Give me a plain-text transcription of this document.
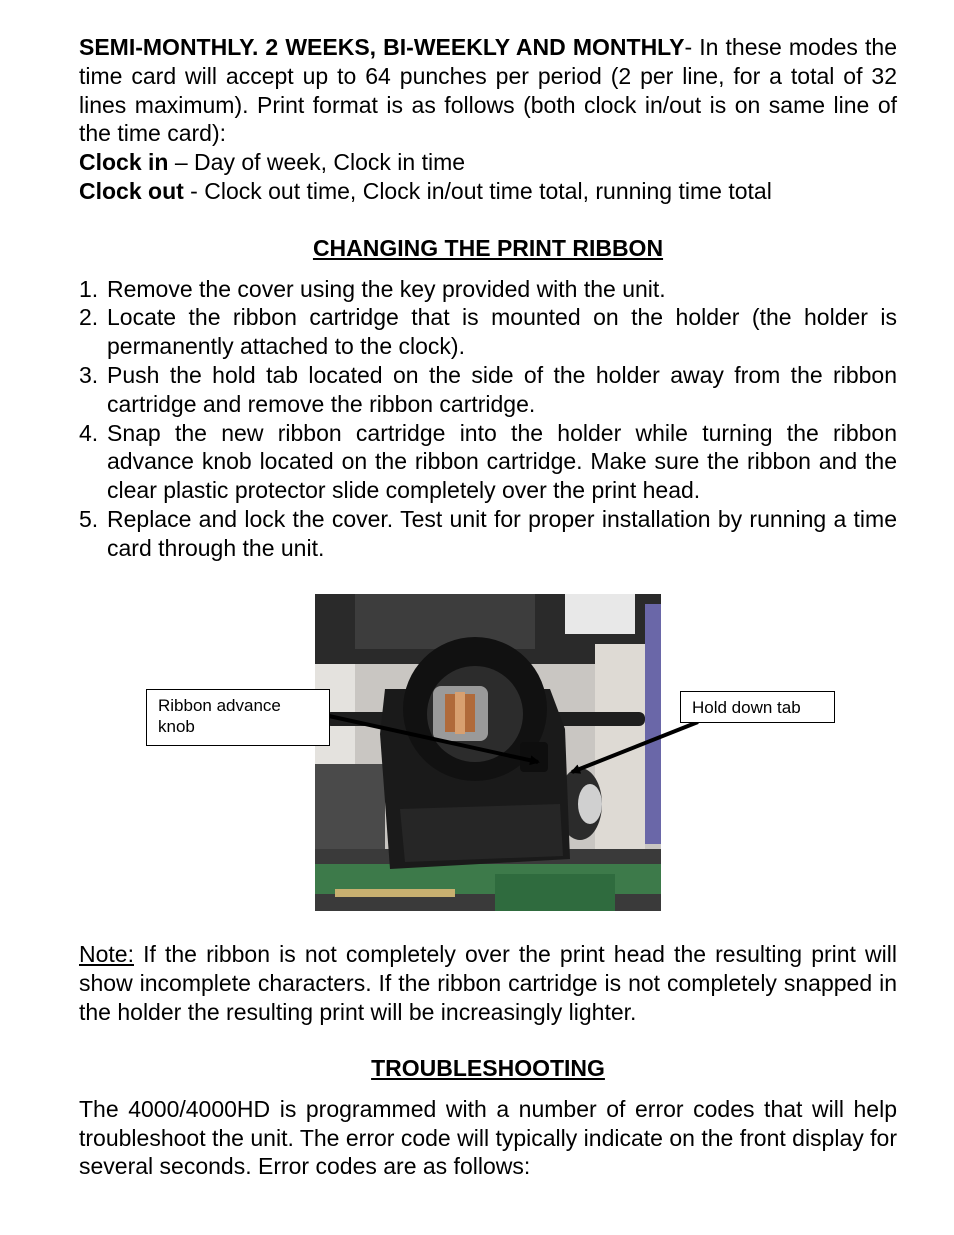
SEMI-MONTHLY. 2 WEEKS, BI-WEEKLY AND MONTHLY- In these modes the time card will accept up to 64 punches per period (2 per line, for a total of 32 lines maximum). Print format is as follows (both clock in/out is on same line of the time card):

Clock in – Day of week, Clock in time

Clock out - Clock out time, Clock in/out time total, running time total

CHANGING THE PRINT RIBBON

1. Remove the cover using the key provided with the unit.
2. Locate the ribbon cartridge that is mounted on the holder (the holder is permanently attached to the clock).
3. Push the hold tab located on the side of the holder away from the ribbon cartridge and remove the ribbon cartridge.
4. Snap the new ribbon cartridge into the holder while turning the ribbon advance knob located on the ribbon cartridge. Make sure the ribbon and the clear plastic protector slide completely over the print head.
5. Replace and lock the cover. Test unit for proper installation by running a time card through the unit.
Ribbon advance knob
Hold down tab

Note: If the ribbon is not completely over the print head the resulting print will show incomplete characters. If the ribbon cartridge is not completely snapped in the holder the resulting print will be increasingly lighter.

TROUBLESHOOTING

The 4000/4000HD is programmed with a number of error codes that will help troubleshoot the unit. The error code will typically indicate on the front display for several seconds. Error codes are as follows:
